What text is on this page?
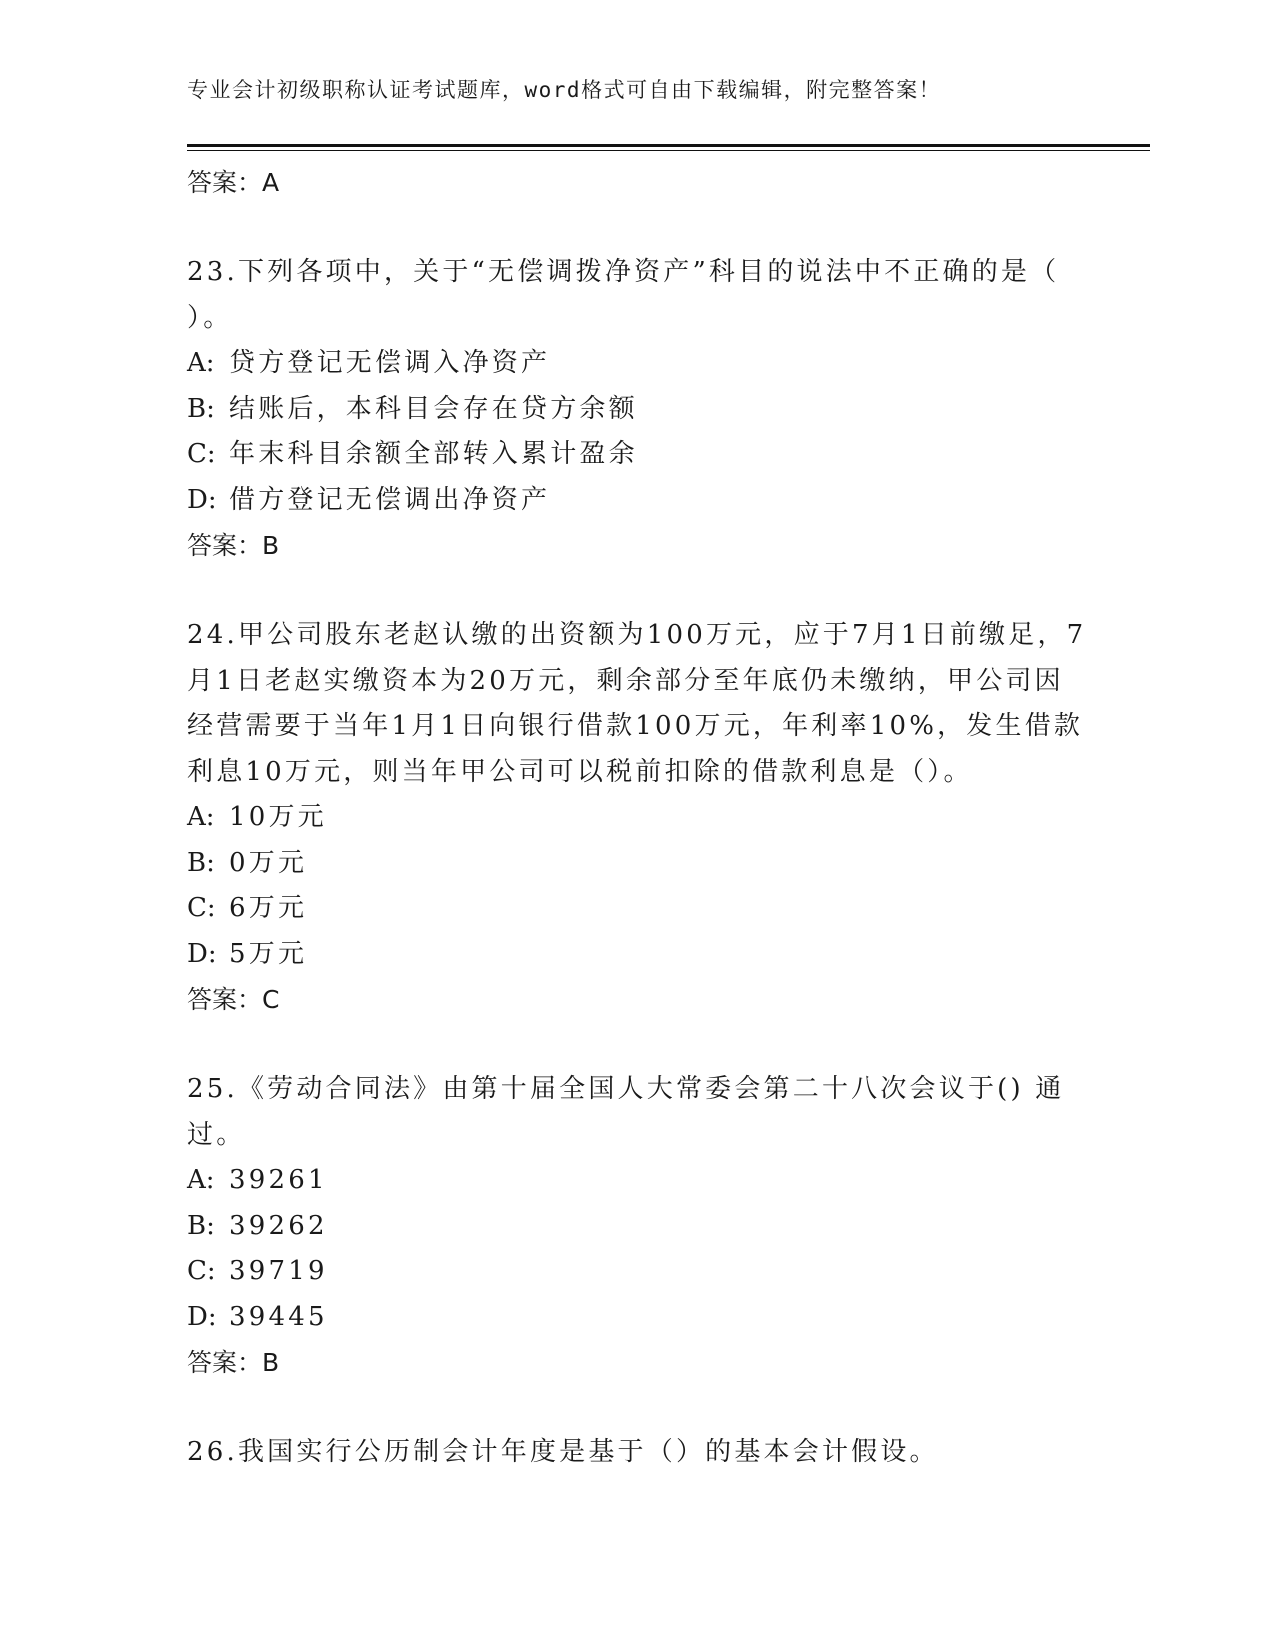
专业会计初级职称认证考试题库，word格式可自由下载编辑，附完整答案！
答案：A
23.下列各项中，关于“无偿调拨净资产”科目的说法中不正确的是（ ）。
A: 贷方登记无偿调入净资产
B: 结账后，本科目会存在贷方余额
C: 年末科目余额全部转入累计盈余
D: 借方登记无偿调出净资产
答案：B
24.甲公司股东老赵认缴的出资额为100万元，应于7月1日前缴足，7月1日老赵实缴资本为20万元，剩余部分至年底仍未缴纳，甲公司因经营需要于当年1月1日向银行借款100万元，年利率10%，发生借款利息10万元，则当年甲公司可以税前扣除的借款利息是（）。
A: 10万元
B: 0万元
C: 6万元
D: 5万元
答案：C
25.《劳动合同法》由第十届全国人大常委会第二十八次会议于() 通过。
A: 39261
B: 39262
C: 39719
D: 39445
答案：B
26.我国实行公历制会计年度是基于（）的基本会计假设。
